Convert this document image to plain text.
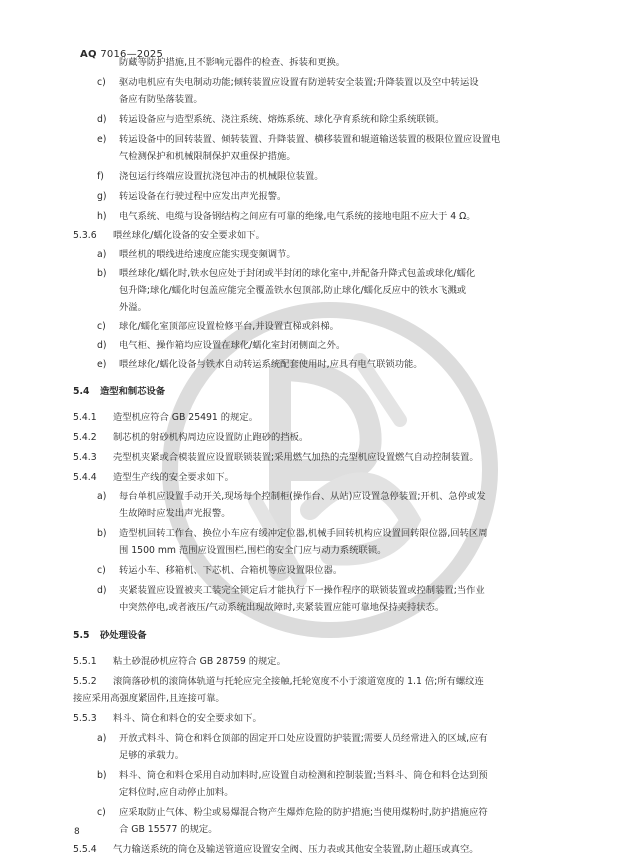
AQ 7016—2025
防藏等防护措施,且不影响元器件的检查、拆装和更换。
c) 驱动电机应有失电制动功能;倾转装置应设置有防逆转安全装置;升降装置以及空中转运设
备应有防坠落装置。
d) 转运设备应与造型系统、浇注系统、熔炼系统、球化孕育系统和除尘系统联锁。
e) 转运设备中的回转装置、倾转装置、升降装置、横移装置和辊道输送装置的极限位置应设置电
气检测保护和机械限制保护双重保护措施。
f) 浇包运行终端应设置抗浇包冲击的机械限位装置。
g) 转运设备在行驶过程中应发出声光报警。
h) 电气系统、电缆与设备钢结构之间应有可靠的绝缘,电气系统的接地电阻不应大于 4 Ω。
5.3.6 喂丝球化/蠕化设备的安全要求如下。
a) 喂丝机的喂线进给速度应能实现变频调节。
b) 喂丝球化/蠕化时,铁水包应处于封闭或半封闭的球化室中,并配备升降式包盖或球化/蠕化
包升降;球化/蠕化时包盖应能完全覆盖铁水包顶部,防止球化/蠕化反应中的铁水飞溅或
外溢。
c) 球化/蠕化室顶部应设置检修平台,并设置直梯或斜梯。
d) 电气柜、操作箱均应设置在球化/蠕化室封闭侧面之外。
e) 喂丝球化/蠕化设备与铁水自动转运系统配套使用时,应具有电气联锁功能。
5.4 造型和制芯设备
5.4.1 造型机应符合 GB 25491 的规定。
5.4.2 制芯机的射砂机构周边应设置防止跑砂的挡板。
5.4.3 壳型机夹紧或合模装置应设置联锁装置;采用燃气加热的壳型机应设置燃气自动控制装置。
5.4.4 造型生产线的安全要求如下。
a) 每台单机应设置手动开关,现场每个控制柜(操作台、从站)应设置急停装置;开机、急停或发
生故障时应发出声光报警。
b) 造型机回转工作台、换位小车应有缓冲定位器,机械手回转机构应设置回转限位器,回转区周
围 1500 mm 范围应设置围栏,围栏的安全门应与动力系统联锁。
c) 转运小车、移箱机、下芯机、合箱机等应设置限位器。
d) 夹紧装置应设置被夹工装完全锁定后才能执行下一操作程序的联锁装置或控制装置;当作业
中突然停电,或者液压/气动系统出现故障时,夹紧装置应能可靠地保持夹持状态。
5.5 砂处理设备
5.5.1 粘土砂混砂机应符合 GB 28759 的规定。
5.5.2 滚筒落砂机的滚筒体轨道与托轮应完全接触,托轮宽度不小于滚道宽度的 1.1 倍;所有螺纹连
接应采用高强度紧固件,且连接可靠。
5.5.3 料斗、筒仓和料仓的安全要求如下。
a) 开放式料斗、筒仓和料仓顶部的固定开口处应设置防护装置;需要人员经常进入的区域,应有
足够的承载力。
b) 料斗、筒仓和料仓采用自动加料时,应设置自动检测和控制装置;当料斗、筒仓和料仓达到预
定料位时,应自动停止加料。
c) 应采取防止气体、粉尘或易爆混合物产生爆炸危险的防护措施;当使用煤粉时,防护措施应符
合 GB 15577 的规定。
5.5.4 气力输送系统的筒仓及输送管道应设置安全阀、压力表或其他安全装置,防止超压或真空。
8
